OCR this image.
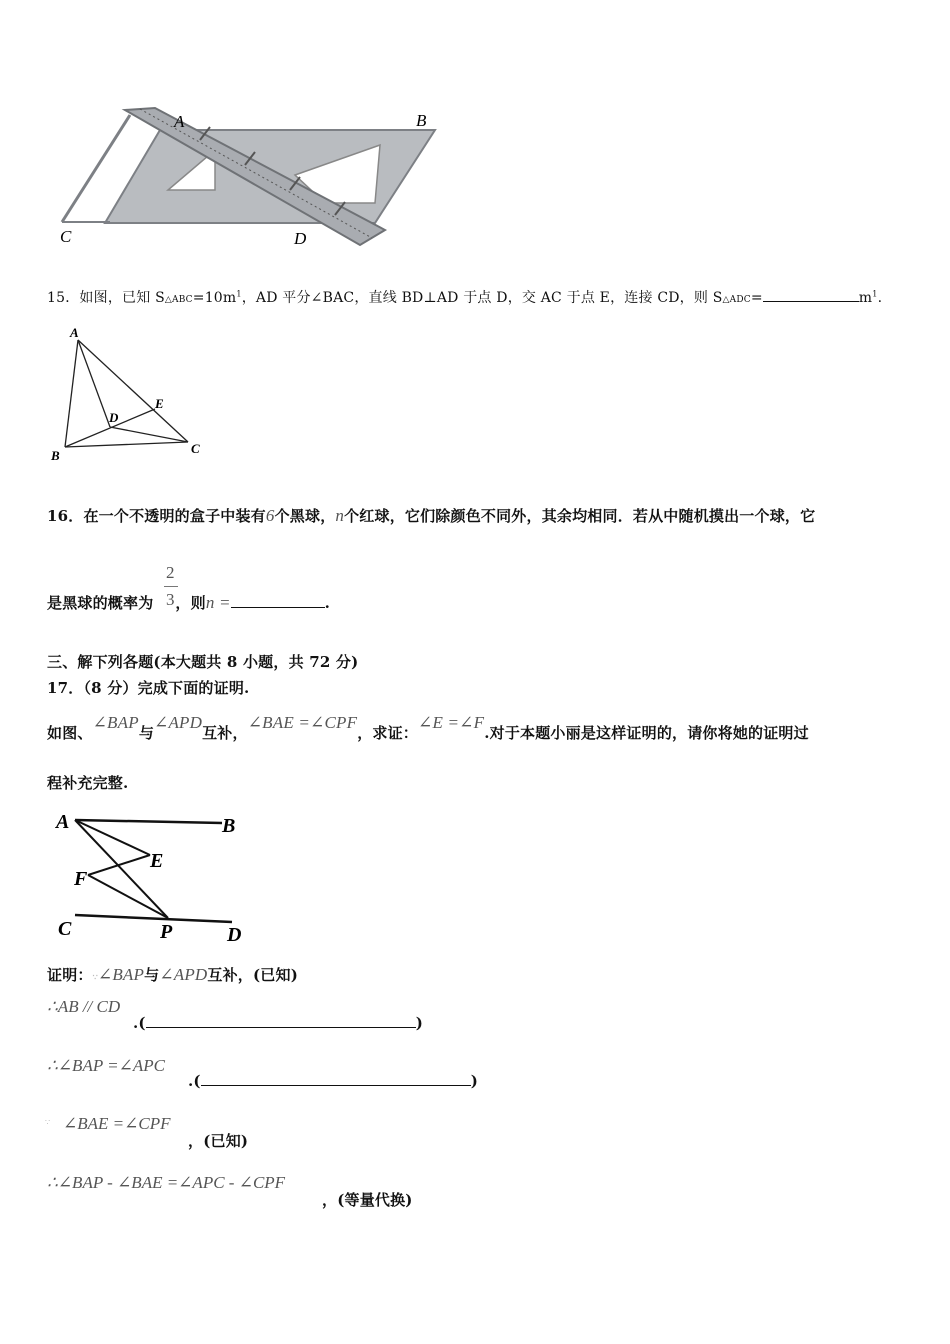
A	B
C	D
15．如图，已知 $S\triangle ABC=10m^1$，AD 平分∠BAC，直线 BD⊥AD 于点 D，交 AC 于点 E，连接 CD，则 S△ADC=	$m^1$.
A
B	C
D
E
16．在一个不透明的盒子中装有6个黑球，n个红球，它们除颜色不同外，其余均相同．若从中随机摸出一个球，它
2
3
是黑球的概率为 ，则n =	.
三、解下列各题(本大题共 8 小题，共 72 分)
17．（8 分）完成下面的证明.
如图、∠BAP与∠APD互补，∠BAE =∠CPF，求证：∠E =∠F.对于本题小丽是这样证明的，请你将她的证明过
程补充完整.
A	B
E
F
C	P	D
证明：∵∠BAP与∠APD互补，(已知)
∴AB // CD
.(	)
∴∠BAP =∠APC
.(	)
∵ ∠BAE =∠CPF
，(已知)
∴∠BAP - ∠BAE =∠APC - ∠CPF
，(等量代换)
